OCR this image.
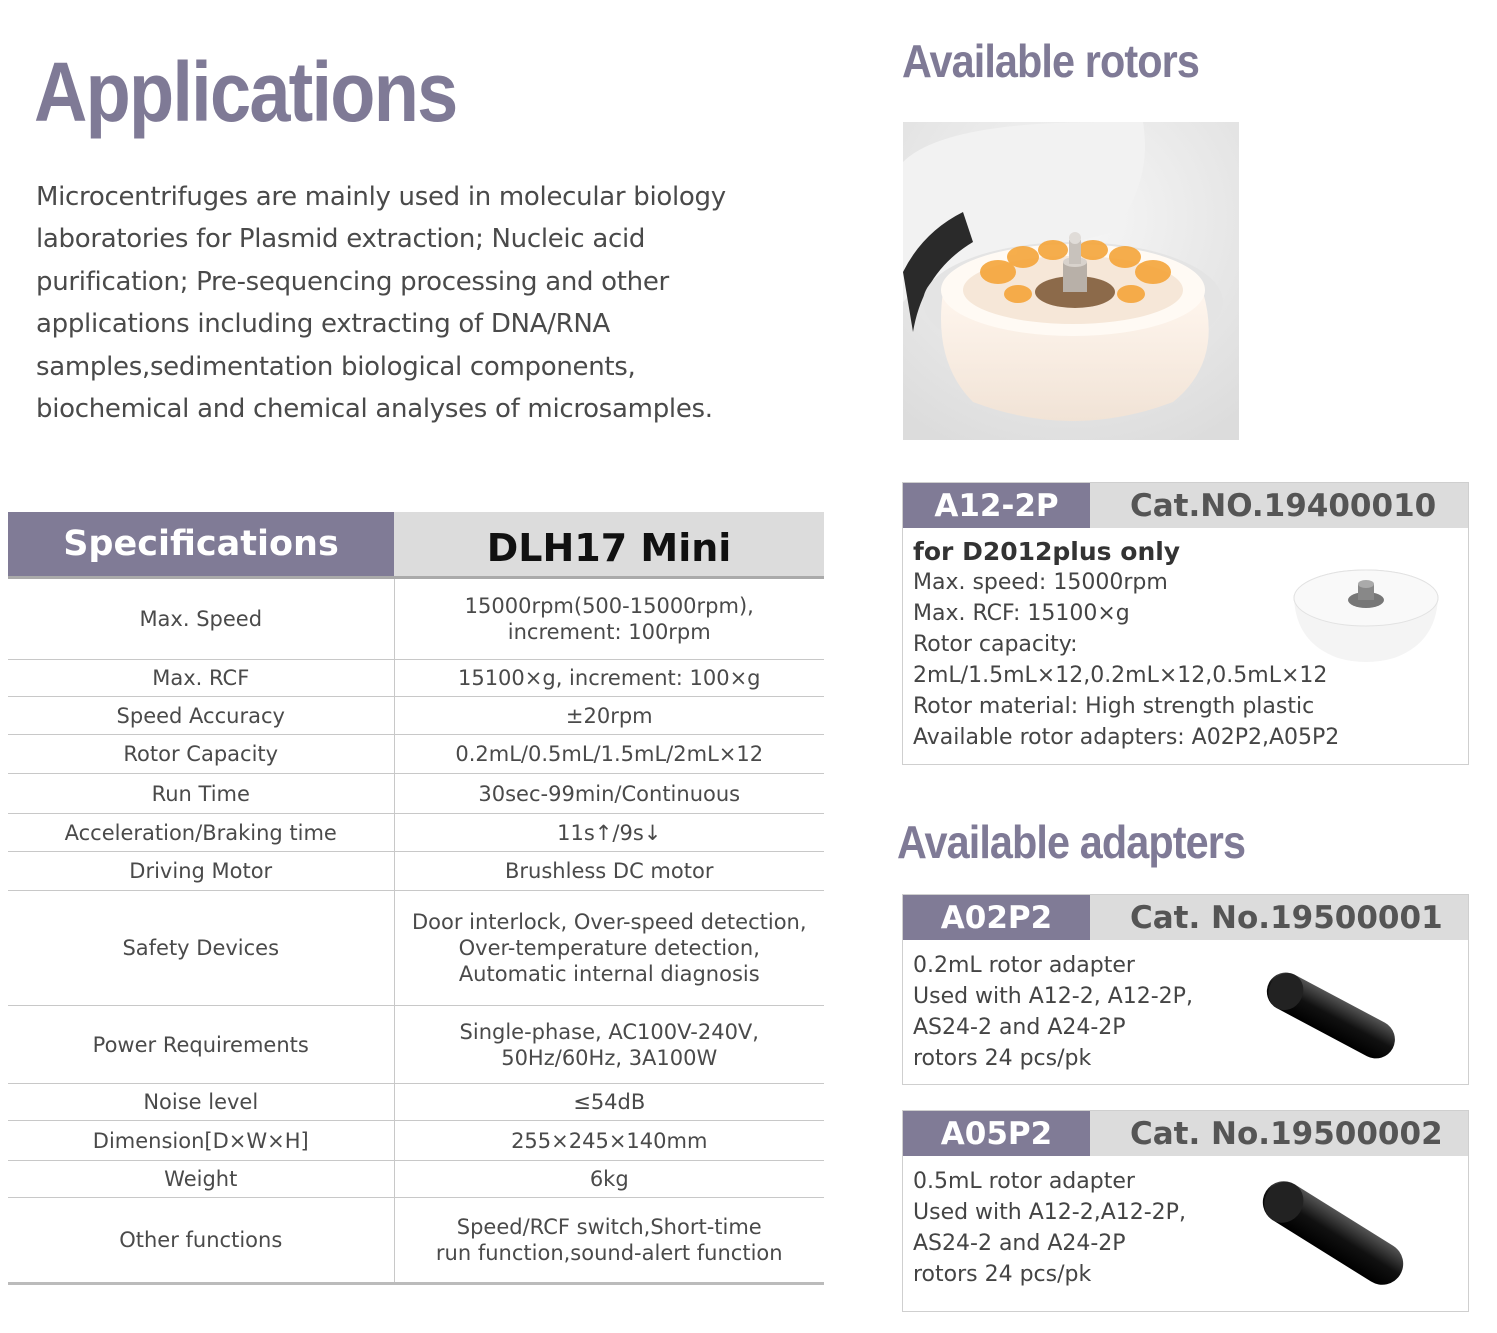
Applications
Microcentrifuges are mainly used in molecular biology
laboratories for Plasmid extraction; Nucleic acid
purification; Pre-sequencing processing and other
applications including extracting of DNA/RNA
samples,sedimentation biological components,
biochemical and chemical analyses of microsamples.
Specifications	DLH17 Mini
Max. Speed	15000rpm(500-15000rpm),
increment: 100rpm

Max. RCF	15100×g, increment: 100×g

Speed Accuracy	±20rpm

Rotor Capacity	0.2mL/0.5mL/1.5mL/2mL×12

Run Time	30sec-99min/Continuous

Acceleration/Braking time	11s↑/9s↓

Driving Motor	Brushless DC motor

Safety Devices	Door interlock, Over-speed detection,
Over-temperature detection,
Automatic internal diagnosis

Power Requirements	Single-phase, AC100V-240V,
50Hz/60Hz, 3A100W

Noise level	≤54dB

Dimension[D×W×H]	255×245×140mm

Weight	6kg

Other functions	Speed/RCF switch,Short-time
run function,sound-alert function
Available rotors
A12-2P	Cat.NO.19400010
for D2012plus only
Max. speed: 15000rpm
Max. RCF: 15100×g
Rotor capacity:
2mL/1.5mL×12,0.2mL×12,0.5mL×12
Rotor material: High strength plastic
Available rotor adapters: A02P2,A05P2
Available adapters
A02P2	Cat. No.19500001
0.2mL rotor adapter
Used with A12-2, A12-2P,
AS24-2 and A24-2P
rotors 24 pcs/pk
A05P2	Cat. No.19500002
0.5mL rotor adapter
Used with A12-2,A12-2P,
AS24-2 and A24-2P
rotors 24 pcs/pk
